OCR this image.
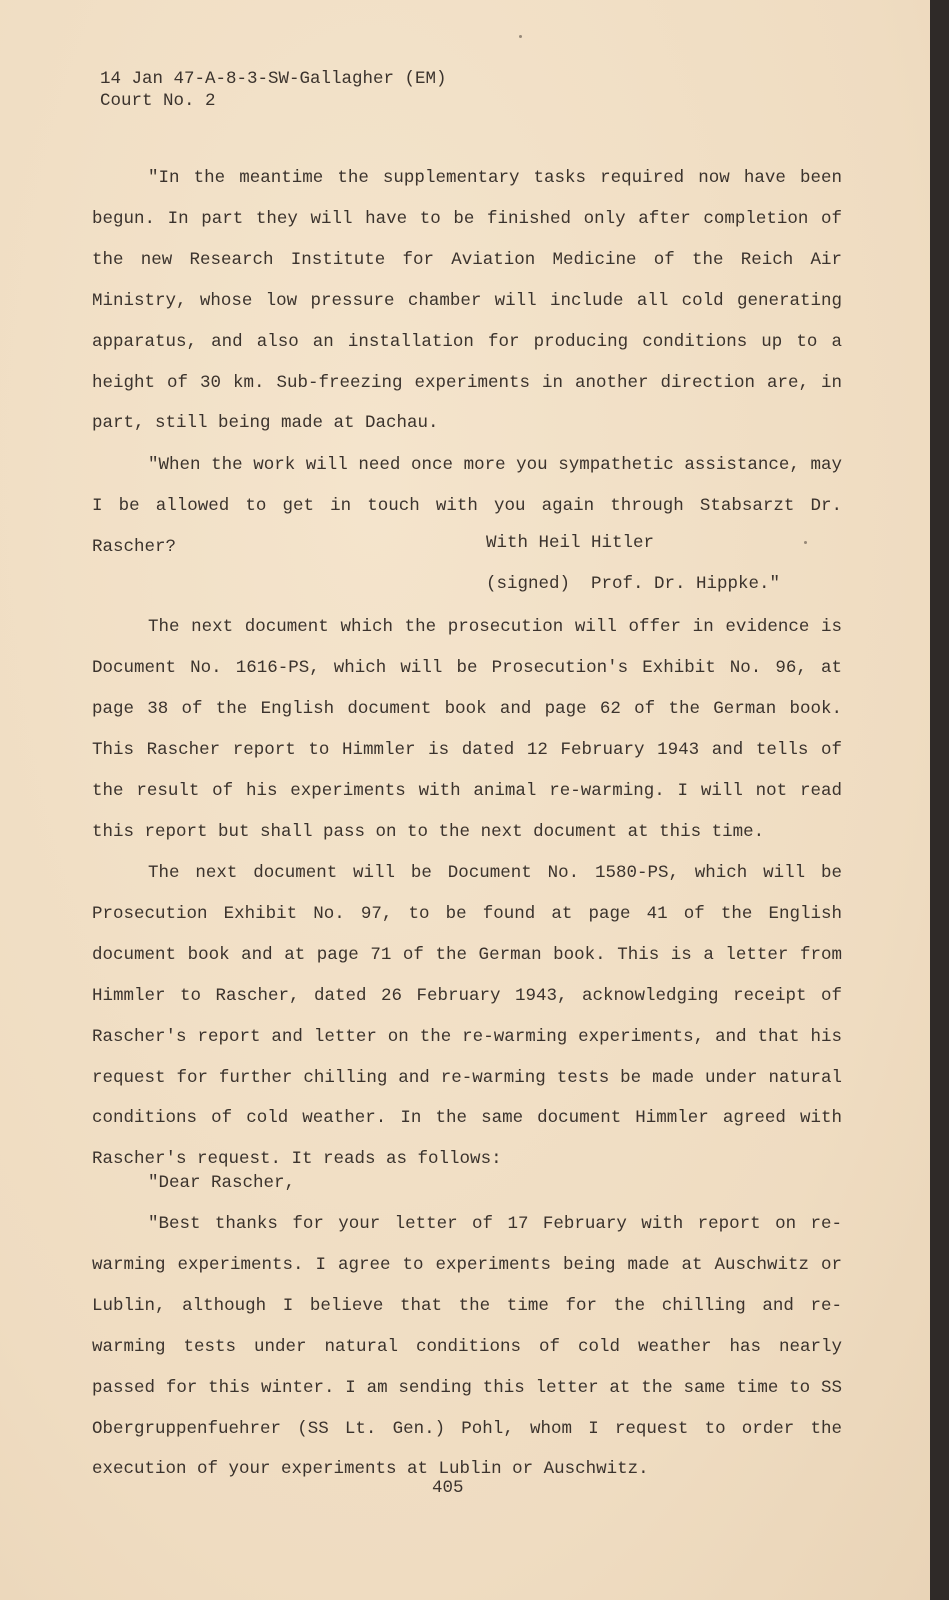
14 Jan 47-A-8-3-SW-Gallagher (EM)
Court No. 2

"In the meantime the supplementary tasks required now have been begun. In part they will have to be finished only after completion of the new Research Institute for Aviation Medicine of the Reich Air Ministry, whose low pressure chamber will include all cold generating apparatus, and also an installation for producing conditions up to a height of 30 km. Sub-freezing experiments in another direction are, in part, still being made at Dachau.

"When the work will need once more you sympathetic assistance, may I be allowed to get in touch with you again through Stabsarzt Dr. Rascher?	With Heil Hitler
(signed)  Prof. Dr. Hippke."

The next document which the prosecution will offer in evidence is Document No. 1616-PS, which will be Prosecution's Exhibit No. 96, at page 38 of the English document book and page 62 of the German book. This Rascher report to Himmler is dated 12 February 1943 and tells of the result of his experiments with animal re-warming. I will not read this report but shall pass on to the next document at this time.

The next document will be Document No. 1580-PS, which will be Prosecution Exhibit No. 97, to be found at page 41 of the English document book and at page 71 of the German book. This is a letter from Himmler to Rascher, dated 26 February 1943, acknowledging receipt of Rascher's report and letter on the re-warming experiments, and that his request for further chilling and re-warming tests be made under natural conditions of cold weather. In the same document Himmler agreed with Rascher's request. It reads as follows:

"Dear Rascher,

"Best thanks for your letter of 17 February with report on re-warming experiments. I agree to experiments being made at Auschwitz or Lublin, although I believe that the time for the chilling and re-warming tests under natural conditions of cold weather has nearly passed for this winter. I am sending this letter at the same time to SS Obergruppenfuehrer (SS Lt. Gen.) Pohl, whom I request to order the execution of your experiments at Lublin or Auschwitz.

405
